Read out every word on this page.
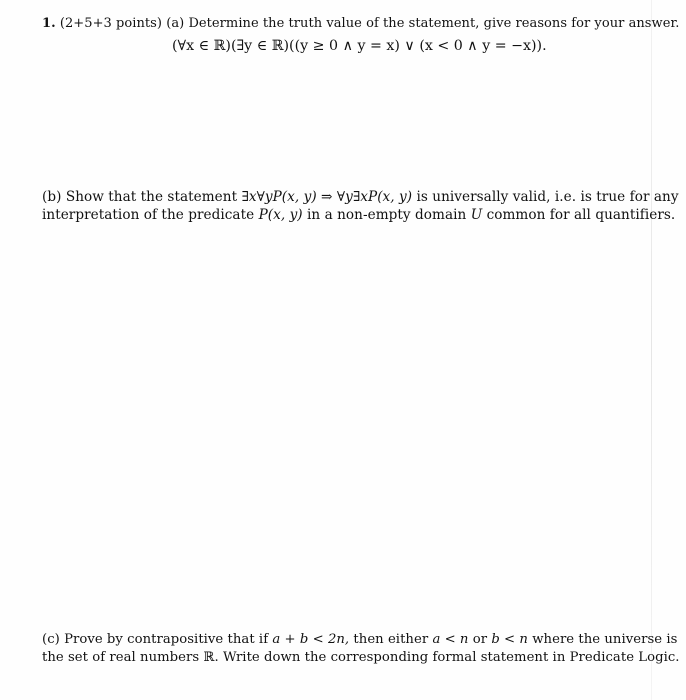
1. (2+5+3 points) (a) Determine the truth value of the statement, give reasons for your answer.
(∀x ∈ ℝ)(∃y ∈ ℝ)((y ≥ 0 ∧ y = x) ∨ (x < 0 ∧ y = −x)).
(b) Show that the statement ∃x∀yP(x, y) ⇒ ∀y∃xP(x, y) is universally valid, i.e. is true for any
interpretation of the predicate P(x, y) in a non-empty domain U common for all quantifiers.
(c) Prove by contrapositive that if a + b < 2n, then either a < n or b < n where the universe is
the set of real numbers ℝ. Write down the corresponding formal statement in Predicate Logic.
